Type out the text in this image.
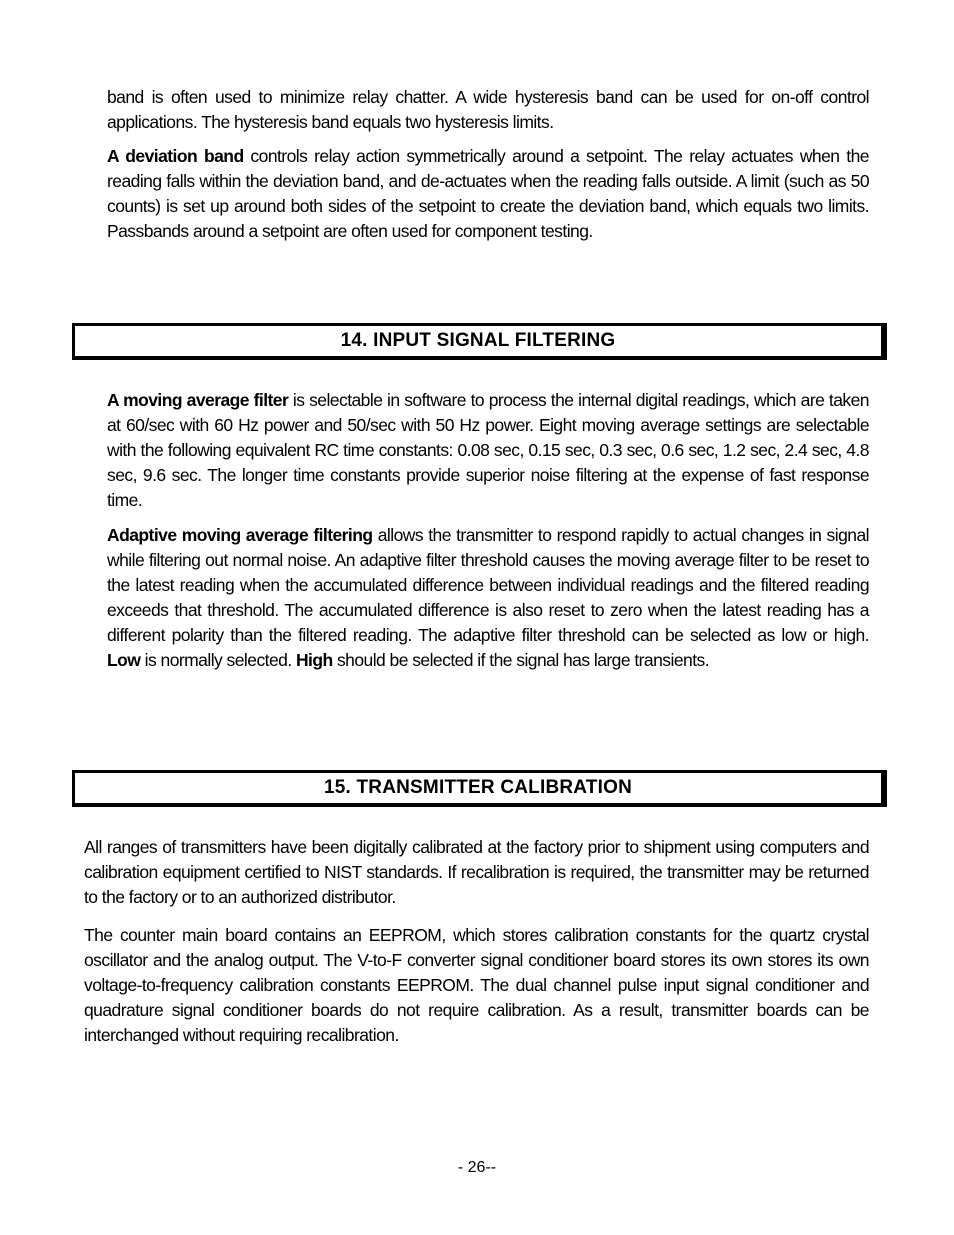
band is often used to minimize relay chatter. A wide hysteresis band can be used for on-off control applications. The hysteresis band equals two hysteresis limits.

A deviation band controls relay action symmetrically around a setpoint. The relay actuates when the reading falls within the deviation band, and de-actuates when the reading falls outside. A limit (such as 50 counts) is set up around both sides of the setpoint to create the deviation band, which equals two limits. Passbands around a setpoint are often used for component testing.

14. INPUT SIGNAL FILTERING

A moving average filter is selectable in software to process the internal digital readings, which are taken at 60/sec with 60 Hz power and 50/sec with 50 Hz power. Eight moving average settings are selectable with the following equivalent RC time constants: 0.08 sec, 0.15 sec, 0.3 sec, 0.6 sec, 1.2 sec, 2.4 sec, 4.8 sec, 9.6 sec. The longer time constants provide superior noise filtering at the expense of fast response time.

Adaptive moving average filtering allows the transmitter to respond rapidly to actual changes in signal while filtering out normal noise. An adaptive filter threshold causes the moving average filter to be reset to the latest reading when the accumulated difference between individual readings and the filtered reading exceeds that threshold. The accumulated difference is also reset to zero when the latest reading has a different polarity than the filtered reading. The adaptive filter threshold can be selected as low or high. Low is normally selected. High should be selected if the signal has large transients.

15. TRANSMITTER CALIBRATION

All ranges of transmitters have been digitally calibrated at the factory prior to shipment using computers and calibration equipment certified to NIST standards. If recalibration is required, the transmitter may be returned to the factory or to an authorized distributor.

The counter main board contains an EEPROM, which stores calibration constants for the quartz crystal oscillator and the analog output. The V-to-F converter signal conditioner board stores its own stores its own voltage-to-frequency calibration constants EEPROM. The dual channel pulse input signal conditioner and quadrature signal conditioner boards do not require calibration. As a result, transmitter boards can be interchanged without requiring recalibration.

- 26--
